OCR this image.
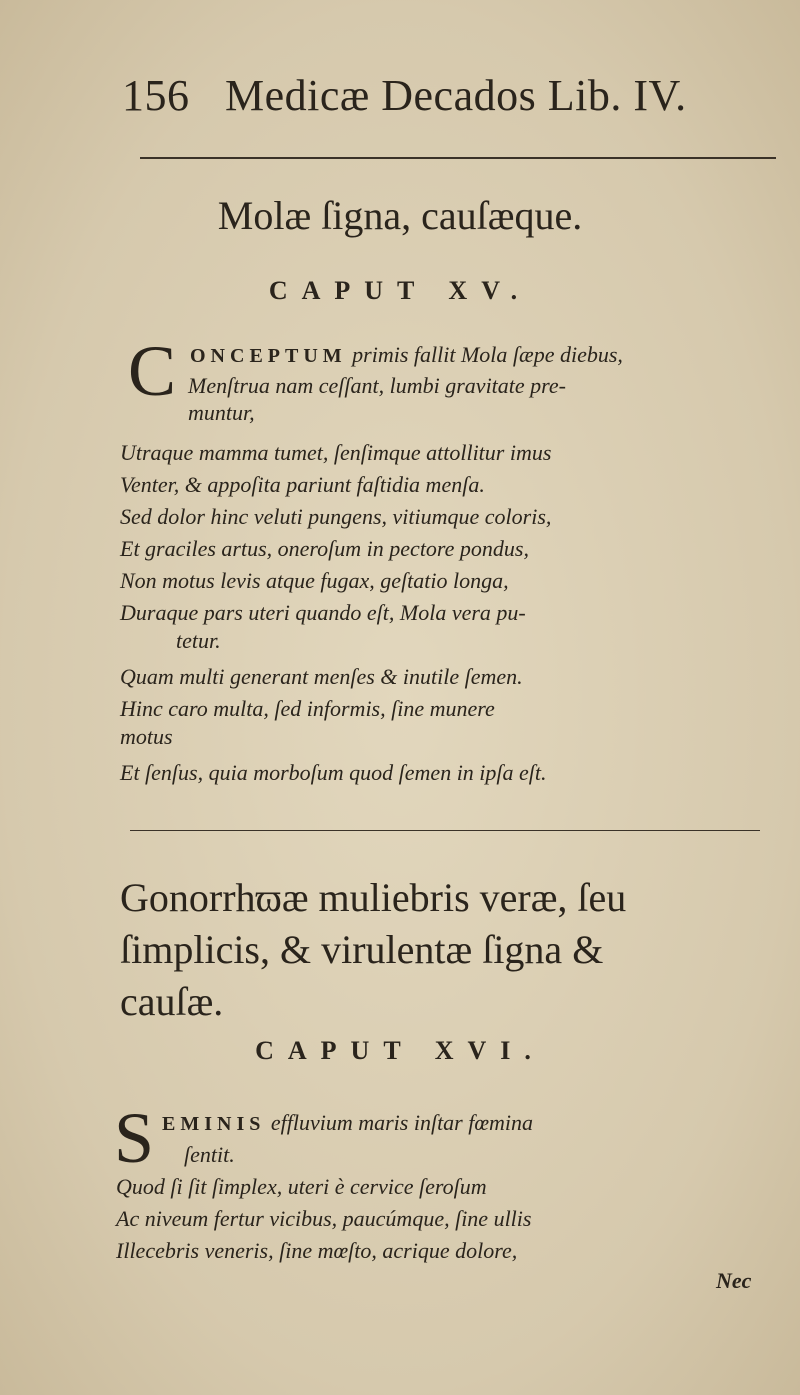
156 Medicæ Decados Lib. IV.
Molæ ſigna, cauſæque.
CAPUT XV.
C ONCEPTUM primis fallit Mola ſæpe diebus,
Menſtrua nam ceſſant, lumbi gravitate pre-
muntur,
Utraque mamma tumet, ſenſimque attollitur imus
Venter, & appoſita pariunt faſtidia menſa.
Sed dolor hinc veluti pungens, vitiumque coloris,
Et graciles artus, oneroſum in pectore pondus,
Non motus levis atque fugax, geſtatio longa,
Duraque pars uteri quando eſt, Mola vera pu-
tetur.
Quam multi generant menſes & inutile ſemen.
Hinc caro multa, ſed informis, ſine munere
motus
Et ſenſus, quia morboſum quod ſemen in ipſa eſt.
Gonorrhϖæ muliebris veræ, ſeu
ſimplicis, & virulentæ ſigna &
cauſæ.
CAPUT XVI.
S EMINIS effluvium maris inſtar fœmina
ſentit.
Quod ſi ſit ſimplex, uteri è cervice ſeroſum
Ac niveum fertur vicibus, paucúmque, ſine ullis
Illecebris veneris, ſine mœſto, acrique dolore,
Nec
